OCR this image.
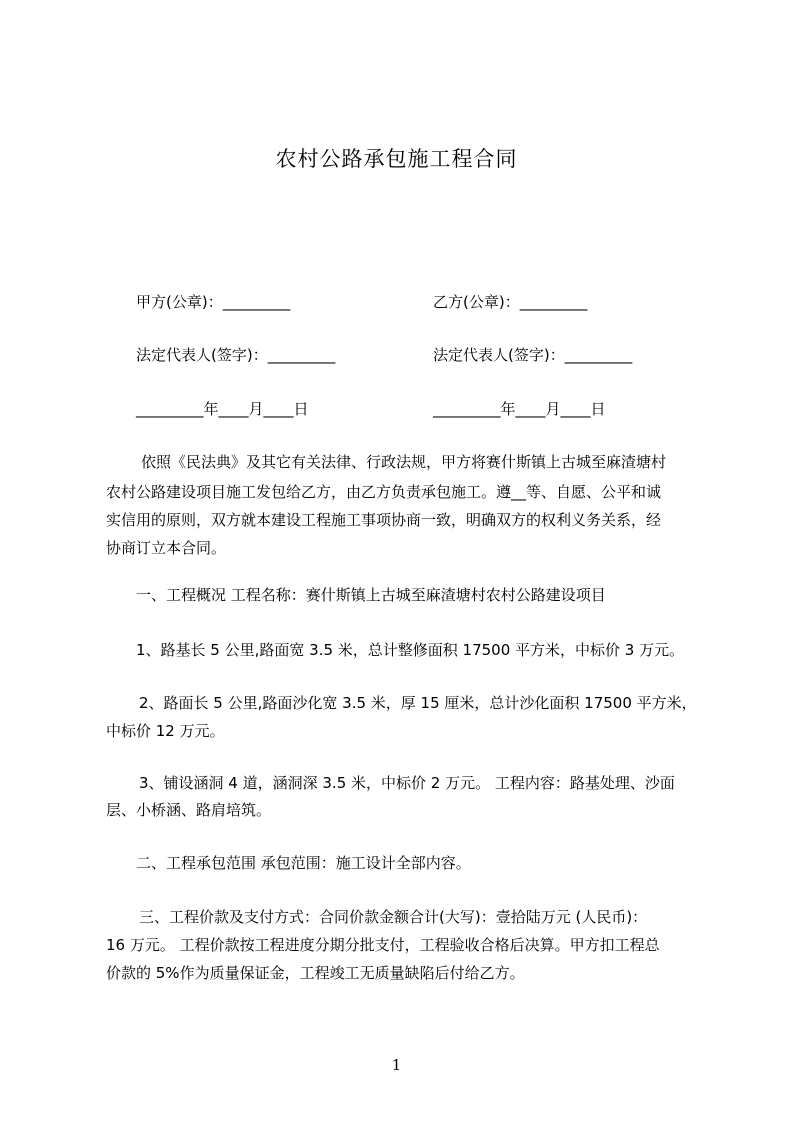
农村公路承包施工程合同
甲方(公章)：_________	乙方(公章)：_________
法定代表人(签字)：_________	法定代表人(签字)：_________
_________年____月____日	_________年____月____日
依照《民法典》及其它有关法律、行政法规，甲方将赛什斯镇上古城至麻渣塘村
农村公路建设项目施工发包给乙方，由乙方负责承包施工。遵__等、自愿、公平和诚
实信用的原则，双方就本建设工程施工事项协商一致，明确双方的权利义务关系，经
协商订立本合同。
一、工程概况 工程名称：赛什斯镇上古城至麻渣塘村农村公路建设项目
1、路基长 5 公里,路面宽 3.5 米，总计整修面积 17500 平方米，中标价 3 万元。
2、路面长 5 公里,路面沙化宽 3.5 米，厚 15 厘米，总计沙化面积 17500 平方米，
中标价 12 万元。
3、铺设涵洞 4 道，涵洞深 3.5 米，中标价 2 万元。 工程内容：路基处理、沙面
层、小桥涵、路肩培筑。
二、工程承包范围 承包范围：施工设计全部内容。
三、工程价款及支付方式：合同价款金额合计(大写)：壹拾陆万元 (人民币)：
16 万元。 工程价款按工程进度分期分批支付，工程验收合格后决算。甲方扣工程总
价款的 5%作为质量保证金，工程竣工无质量缺陷后付给乙方。
1
